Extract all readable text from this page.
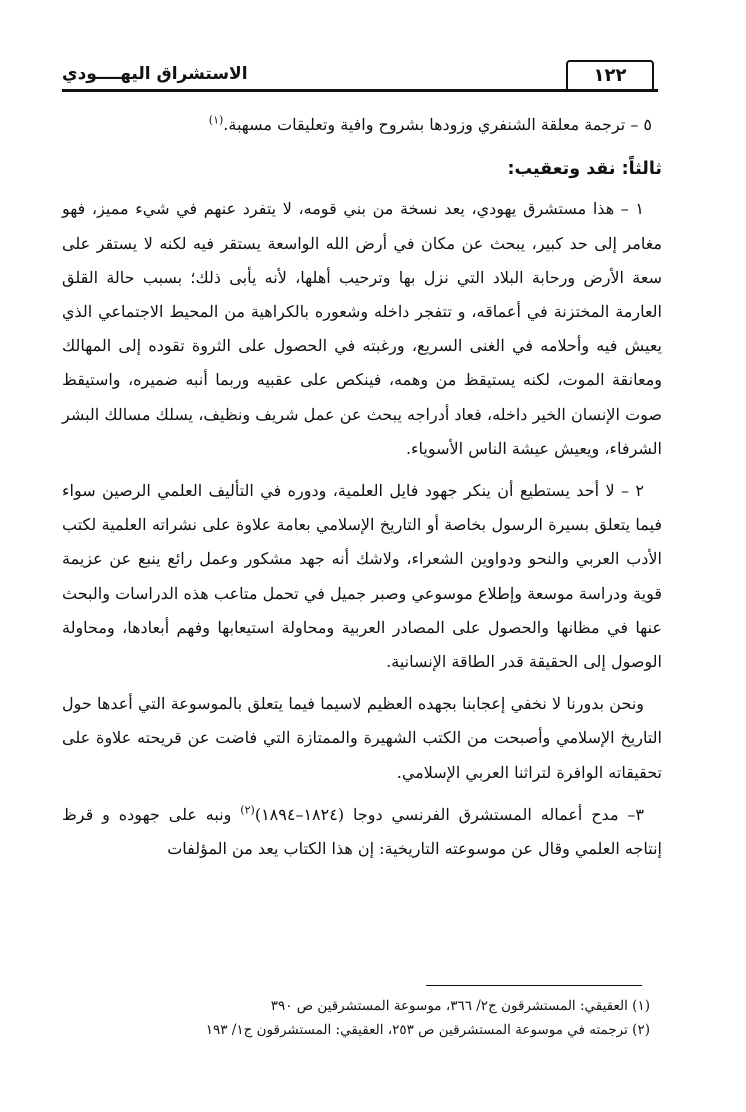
الاستشراق اليهــــودي	١٢٢

٥ – ترجمة معلقة الشنفري وزودها بشروح وافية وتعليقات مسهبة.$^{(١)}$

ثالثاً: نقد وتعقيب:

١ – هذا مستشرق يهودي، يعد نسخة من بني قومه، لا يتفرد عنهم في شيء مميز، فهو مغامر إلى حد كبير، يبحث عن مكان في أرض الله الواسعة يستقر فيه لكنه لا يستقر على سعة الأرض ورحابة البلاد التي نزل بها وترحيب أهلها، لأنه يأبى ذلك؛ بسبب حالة القلق العارمة المختزنة في أعماقه، و تتفجر داخله وشعوره بالكراهية من المحيط الاجتماعي الذي يعيش فيه وأحلامه في الغنى السريع، ورغبته في الحصول على الثروة تقوده إلى المهالك ومعانقة الموت، لكنه يستيقظ من وهمه، فينكص على عقبيه وربما أنبه ضميره، واستيقظ صوت الإنسان الخير داخله، فعاد أدراجه يبحث عن عمل شريف ونظيف، يسلك مسالك البشر الشرفاء، ويعيش عيشة الناس الأسوياء.

٢ – لا أحد يستطيع أن ينكر جهود فايل العلمية، ودوره في التأليف العلمي الرصين سواء فيما يتعلق بسيرة الرسول بخاصة أو التاريخ الإسلامي بعامة علاوة على نشراته العلمية لكتب الأدب العربي والنحو ودواوين الشعراء، ولاشك أنه جهد مشكور وعمل رائع ينبع عن عزيمة قوية ودراسة موسعة وإطلاع موسوعي وصبر جميل في تحمل متاعب هذه الدراسات والبحث عنها في مظانها والحصول على المصادر العربية ومحاولة استيعابها وفهم أبعادها، ومحاولة الوصول إلى الحقيقة قدر الطاقة الإنسانية.

ونحن بدورنا لا نخفي إعجابنا بجهده العظيم لاسيما فيما يتعلق بالموسوعة التي أعدها حول التاريخ الإسلامي وأصبحت من الكتب الشهيرة والممتازة التي فاضت عن قريحته علاوة على تحقيقاته الوافرة لتراثنا العربي الإسلامي.

٣– مدح أعماله المستشرق الفرنسي دوجا (١٨٢٤–١٨٩٤)$^{(٢)}$ ونبه على جهوده و قرظ إنتاجه العلمي وقال عن موسوعته التاريخية: إن هذا الكتاب يعد من المؤلفات

(١) العقيقي: المستشرقون ج٢/ ٣٦٦، موسوعة المستشرقين ص ٣٩٠
(٢) ترجمته في موسوعة المستشرقين ص ٢٥٣، العقيقي: المستشرقون ج١/ ١٩٣
